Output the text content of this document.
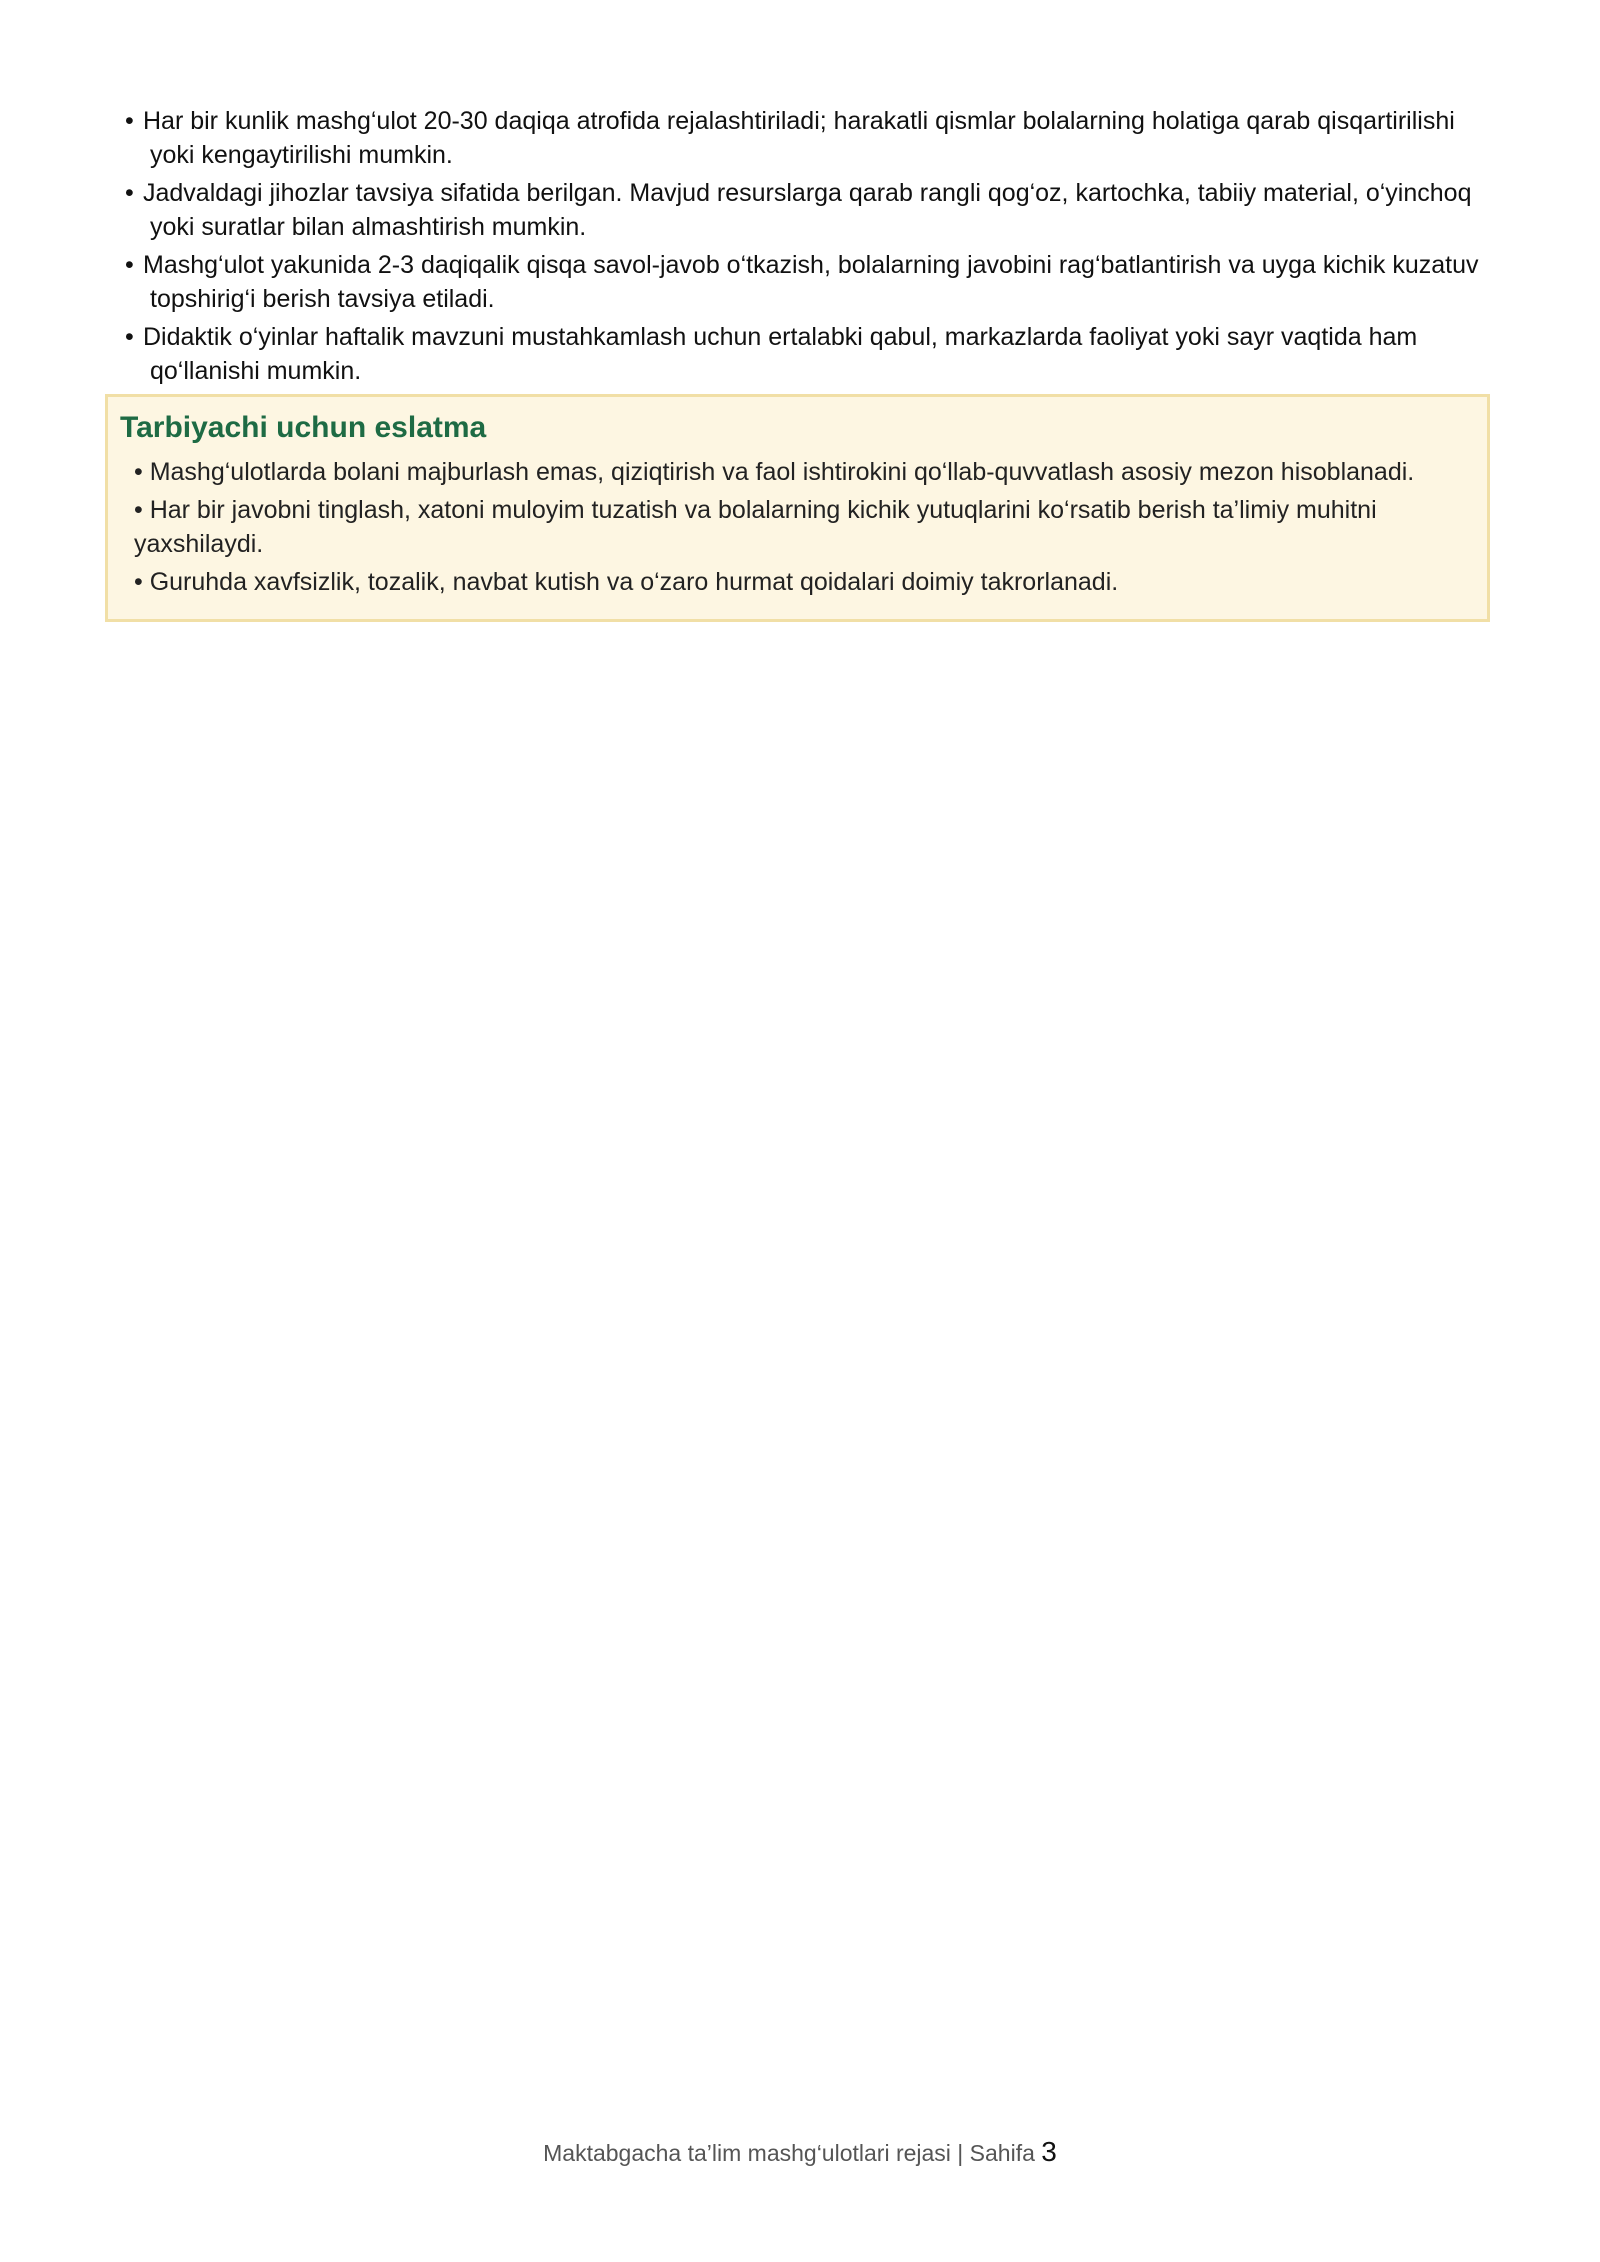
• Har bir kunlik mashg‘ulot 20-30 daqiqa atrofida rejalashtiriladi; harakatli qismlar bolalarning holatiga qarab qisqartirilishi yoki kengaytirilishi mumkin.
• Jadvaldagi jihozlar tavsiya sifatida berilgan. Mavjud resurslarga qarab rangli qog‘oz, kartochka, tabiiy material, o‘yinchoq yoki suratlar bilan almashtirish mumkin.
• Mashg‘ulot yakunida 2-3 daqiqalik qisqa savol-javob o‘tkazish, bolalarning javobini rag‘batlantirish va uyga kichik kuzatuv topshirig‘i berish tavsiya etiladi.
• Didaktik o‘yinlar haftalik mavzuni mustahkamlash uchun ertalabki qabul, markazlarda faoliyat yoki sayr vaqtida ham qo‘llanishi mumkin.
Tarbiyachi uchun eslatma
• Mashg‘ulotlarda bolani majburlash emas, qiziqtirish va faol ishtirokini qo‘llab-quvvatlash asosiy mezon hisoblanadi.
• Har bir javobni tinglash, xatoni muloyim tuzatish va bolalarning kichik yutuqlarini ko‘rsatib berish ta’limiy muhitni yaxshilaydi.
• Guruhda xavfsizlik, tozalik, navbat kutish va o‘zaro hurmat qoidalari doimiy takrorlanadi.
Maktabgacha ta’lim mashg‘ulotlari rejasi | Sahifa 3
